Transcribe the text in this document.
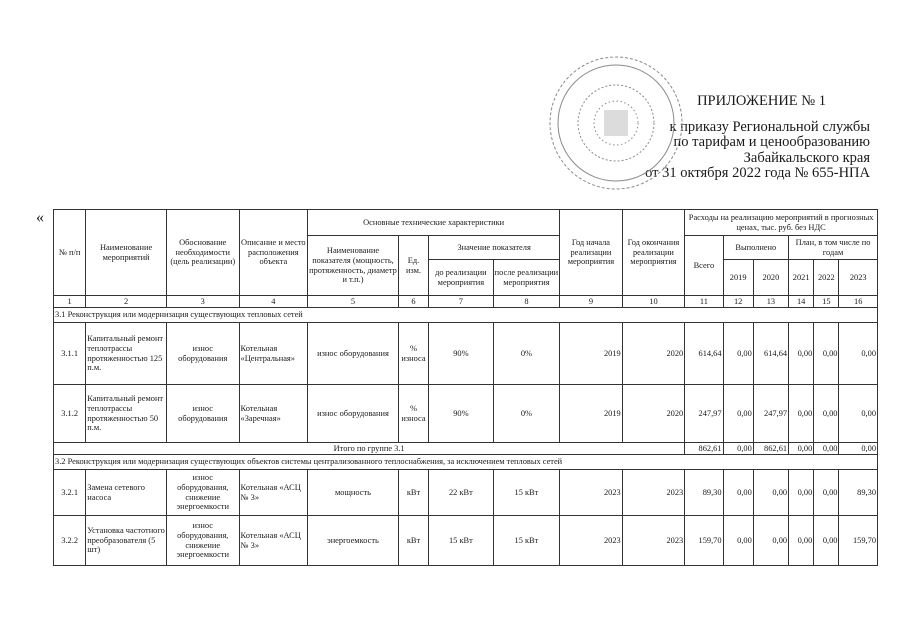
ПРИЛОЖЕНИЕ № 1
к приказу Региональной службы
по тарифам и ценообразованию
Забайкальского края
от 31 октября 2022 года № 655-НПА
«
№ п/п	Наименование мероприятий	Обоснование необходимости (цель реализации)	Описание и место расположения объекта	Основные технические характеристики				Год начала реализации мероприятия	Год окончания реализации мероприятия	Расходы на реализацию мероприятий в прогнозных ценах, тыс. руб. без НДС					
				Наименование показателя (мощность, протяженность, диаметр и т.п.)	Ед. изм.	Значение показателя				Всего	Выполнено		План, в том числе по годам		
						до реализации мероприятия	после реализации мероприятия				2019	2020	2021	2022	2023
1	2	3	4	5	6	7	8	9	10	11	12	13	14	15	16
3.1 Реконструкция или модернизация существующих тепловых сетей															
3.1.1	Капитальный ремонт теплотрассы протяженностью 125 п.м.	износ оборудования	Котельная «Центральная»	износ оборудования	% износа	90%	0%	2019	2020	614,64	0,00	614,64	0,00	0,00	0,00
3.1.2	Капитальный ремонт теплотрассы протяженностью 50 п.м.	износ оборудования	Котельная «Заречная»	износ оборудования	% износа	90%	0%	2019	2020	247,97	0,00	247,97	0,00	0,00	0,00
Итого по группе 3.1										862,61	0,00	862,61	0,00	0,00	0,00
3.2 Реконструкция или модернизация существующих объектов системы централизованного теплоснабжения, за исключением тепловых сетей															
3.2.1	Замена сетевого насоса	износ оборудования, снижение энергоемкости	Котельная «АСЦ № 3»	мощность	кВт	22 кВт	15 кВт	2023	2023	89,30	0,00	0,00	0,00	0,00	89,30
3.2.2	Установка частотного преобразователя (5 шт)	износ оборудования, снижение энергоемкости	Котельная «АСЦ № 3»	энергоемкость	кВт	15 кВт	15 кВт	2023	2023	159,70	0,00	0,00	0,00	0,00	159,70
